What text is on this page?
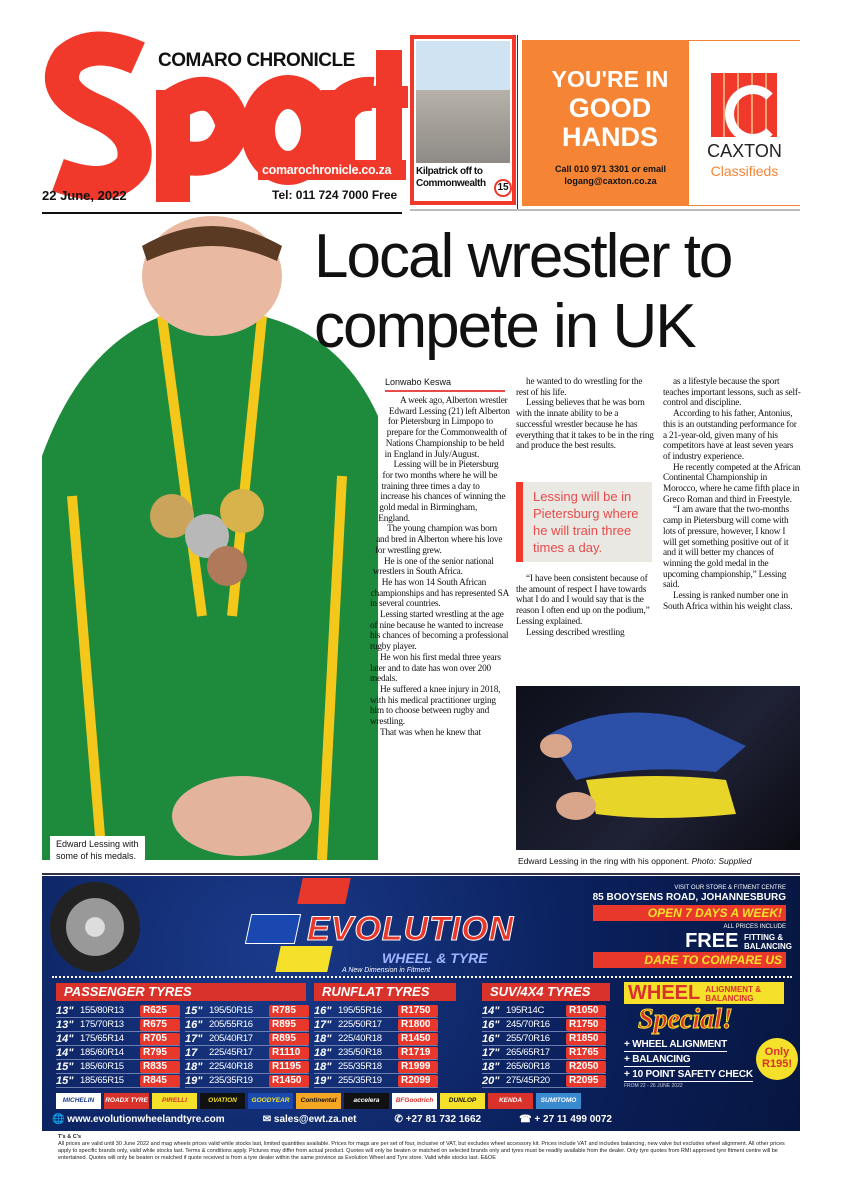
COMARO CHRONICLE
comarochronicle.co.za
22 June, 2022	Tel: 011 724 7000 Free
Kilpatrick off to Commonwealth	15
YOU'RE IN
GOOD
HANDS
Call 010 971 3301 or email
logang@caxton.co.za
CAXTON
Classifieds
Edward Lessing with some of his medals.
Local wrestler to compete in UK
Lonwabo Keswa

A week ago, Alberton wrestler Edward Lessing (21) left Alberton for Pietersburg in Limpopo to prepare for the Commonwealth of Nations Championship to be held in England in July/August.

Lessing will be in Pietersburg for two months where he will be training three times a day to increase his chances of winning the gold medal in Birmingham, England.

The young champion was born and bred in Alberton where his love for wrestling grew.

He is one of the senior national wrestlers in South Africa.

He has won 14 South African championships and has represented SA in several countries.

Lessing started wrestling at the age of nine because he wanted to increase his chances of becoming a professional rugby player.

He won his first medal three years later and to date has won over 200 medals.

He suffered a knee injury in 2018, with his medical practitioner urging him to choose between rugby and wrestling.

That was when he knew that

he wanted to do wrestling for the rest of his life.

Lessing believes that he was born with the innate ability to be a successful wrestler because he has everything that it takes to be in the ring and produce the best results.

Lessing will be in Pietersburg where he will train three times a day.

“I have been consistent because of the amount of respect I have towards what I do and I would say that is the reason I often end up on the podium,” Lessing explained.

Lessing described wrestling

as a lifestyle because the sport teaches important lessons, such as self-control and discipline.

According to his father, Antonius, this is an outstanding performance for a 21-year-old, given many of his competitors have at least seven years of industry experience.

He recently competed at the African Continental Championship in Morocco, where he came fifth place in Greco Roman and third in Freestyle.

“I am aware that the two-months camp in Pietersburg will come with lots of pressure, however, I know I will get something positive out of it and it will better my chances of winning the gold medal in the upcoming championship,” Lessing said.

Lessing is ranked number one in South Africa within his weight class.

Edward Lessing in the ring with his opponent. Photo: Supplied
EVOLUTION
WHEEL & TYRE
A New Dimension in Fitment
VISIT OUR STORE & FITMENT CENTRE
85 BOOYSENS ROAD, JOHANNESBURG
OPEN 7 DAYS A WEEK!
ALL PRICES INCLUDE
FREE FITTING & BALANCING
DARE TO COMPARE US
PASSENGER TYRES	RUNFLAT TYRES	SUV/4X4 TYRES
13" 155/80R13	R625
13" 175/70R13	R675
14" 175/65R14	R705
14" 185/60R14	R795
15" 185/60R15	R835
15" 185/65R15	R845
15" 195/50R15	R785
16" 205/55R16	R895
17" 205/40R17	R895
17	225/45R17	R1110
18" 225/40R18	R1195
19" 235/35R19	R1450
16" 195/55R16	R1750
17" 225/50R17	R1800
18" 225/40R18	R1450
18" 235/50R18	R1719
18" 255/35R18	R1999
19" 255/35R19	R2099
14" 195R14C	R1050
16" 245/70R16	R1750
16" 255/70R16	R1850
17" 265/65R17	R1765
18" 265/60R18	R2050
20" 275/45R20	R2095
WHEEL ALIGNMENT & BALANCING
Special!
+ WHEEL ALIGNMENT
+ BALANCING
+ 10 POINT SAFETY CHECK
Only
R195!
FROM 22 - 26 JUNE 2022
MICHELIN	ROADX TYRE	PIRELLI	OVATION	GOODYEAR	Continental	accelera	BFGoodrich	DUNLOP	KENDA	SUMITOMO
🌐 www.evolutionwheelandtyre.com	✉ sales@ewt.za.net	✆ +27 81 732 1662	☎ + 27 11 499 0072
T's & C's
All prices are valid until 30 June 2022 and mag wheels prices valid while stocks last, limited quantities available. Prices for mags are per set of four, inclusive of VAT, but excludes wheel accessory kit. Prices include VAT and includes balancing, new valve but excludes wheel alignment. All other prices apply to specific brands only, valid while stocks last. Terms & conditions apply. Pictures may differ from actual product. Quotes will only be beaten or matched on selected brands only and tyres must be readily available from the dealer. Only tyre quotes from RMI approved tyre fitment centre will be entertained. Quotes will only be beaten or matched if quote received is from a tyre dealer within the same province as Evolution Wheel and Tyre store. Valid while stocks last. E&OE
